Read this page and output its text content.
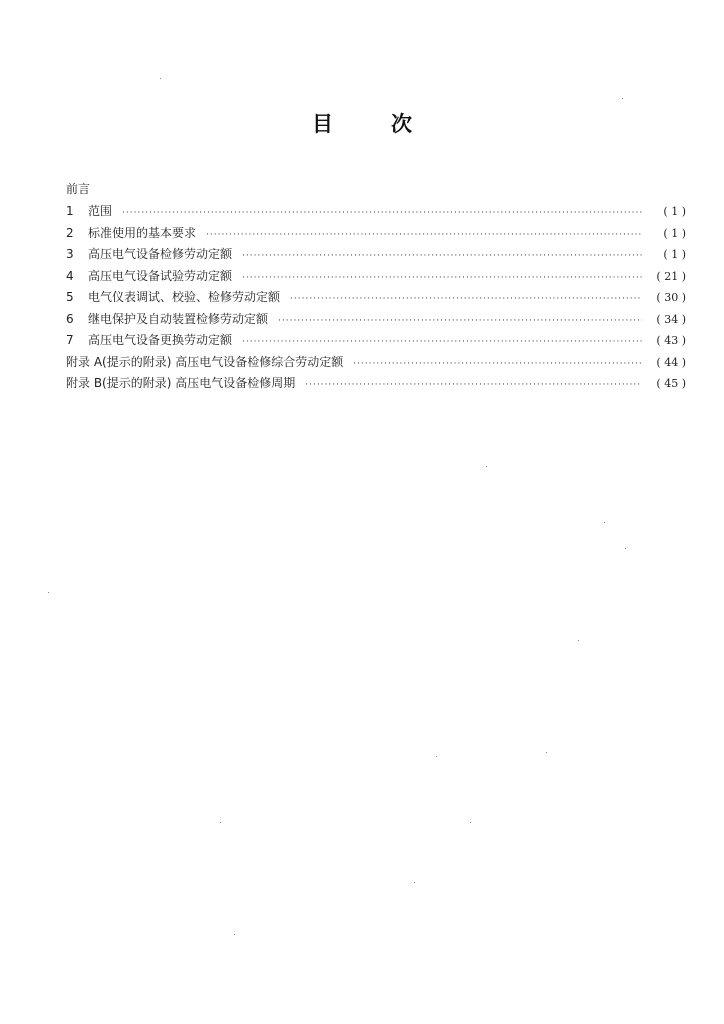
目	次
前言
1	范围 ·····	( 1 )
2	标准使用的基本要求 ·····	( 1 )
3	高压电气设备检修劳动定额 ·····	( 1 )
4	高压电气设备试验劳动定额 ·····	( 21 )
5	电气仪表调试、校验、检修劳动定额 ·····	( 30 )
6	继电保护及自动装置检修劳动定额 ·····	( 34 )
7	高压电气设备更换劳动定额 ·····	( 43 )
附录 A(提示的附录) 高压电气设备检修综合劳动定额 ·····	( 44 )
附录 B(提示的附录) 高压电气设备检修周期 ·····	( 45 )
